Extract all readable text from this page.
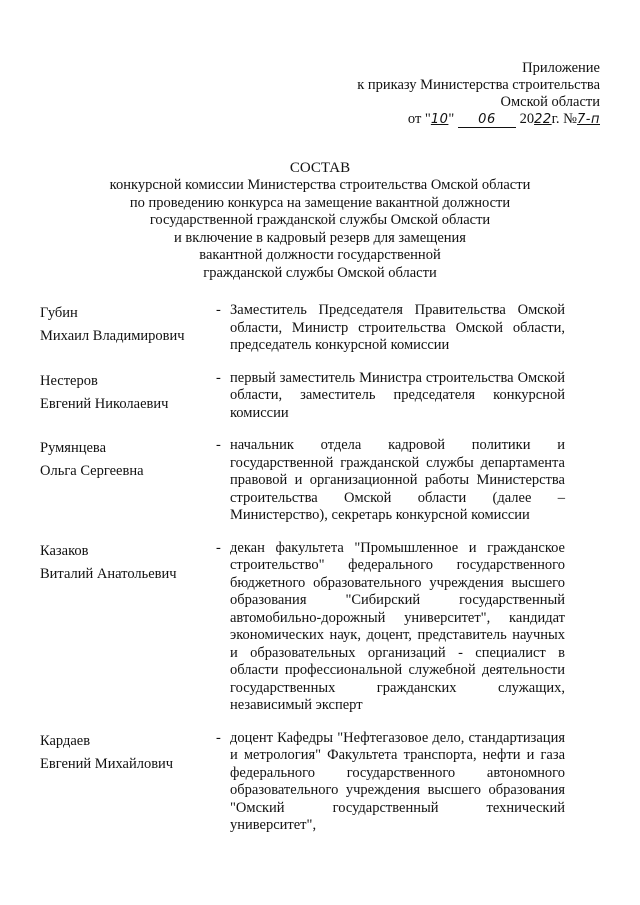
Приложение
к приказу Министерства строительства
Омской области
от "10" 06 2022г. №7-п
СОСТАВ
конкурсной комиссии Министерства строительства Омской области
по проведению конкурса на замещение вакантной должности
государственной гражданской службы Омской области
и включение в кадровый резерв для замещения
вакантной должности государственной
гражданской службы Омской области
Губин
Михаил Владимирович
- Заместитель Председателя Правительства Омской области, Министр строительства Омской области, председатель конкурсной комиссии
Нестеров
Евгений Николаевич
- первый заместитель Министра строительства Омской области, заместитель председателя конкурсной комиссии
Румянцева
Ольга Сергеевна
- начальник отдела кадровой политики и государственной гражданской службы департамента правовой и организационной работы Министерства строительства Омской области (далее – Министерство), секретарь конкурсной комиссии
Казаков
Виталий Анатольевич
- декан факультета "Промышленное и гражданское строительство" федерального государственного бюджетного образовательного учреждения высшего образования "Сибирский государственный автомобильно-дорожный университет", кандидат экономических наук, доцент, представитель научных и образовательных организаций - специалист в области профессиональной служебной деятельности государственных гражданских служащих, независимый эксперт
Кардаев
Евгений Михайлович
- доцент Кафедры "Нефтегазовое дело, стандартизация и метрология" Факультета транспорта, нефти и газа федерального государственного автономного образовательного учреждения высшего образования "Омский государственный технический университет",
